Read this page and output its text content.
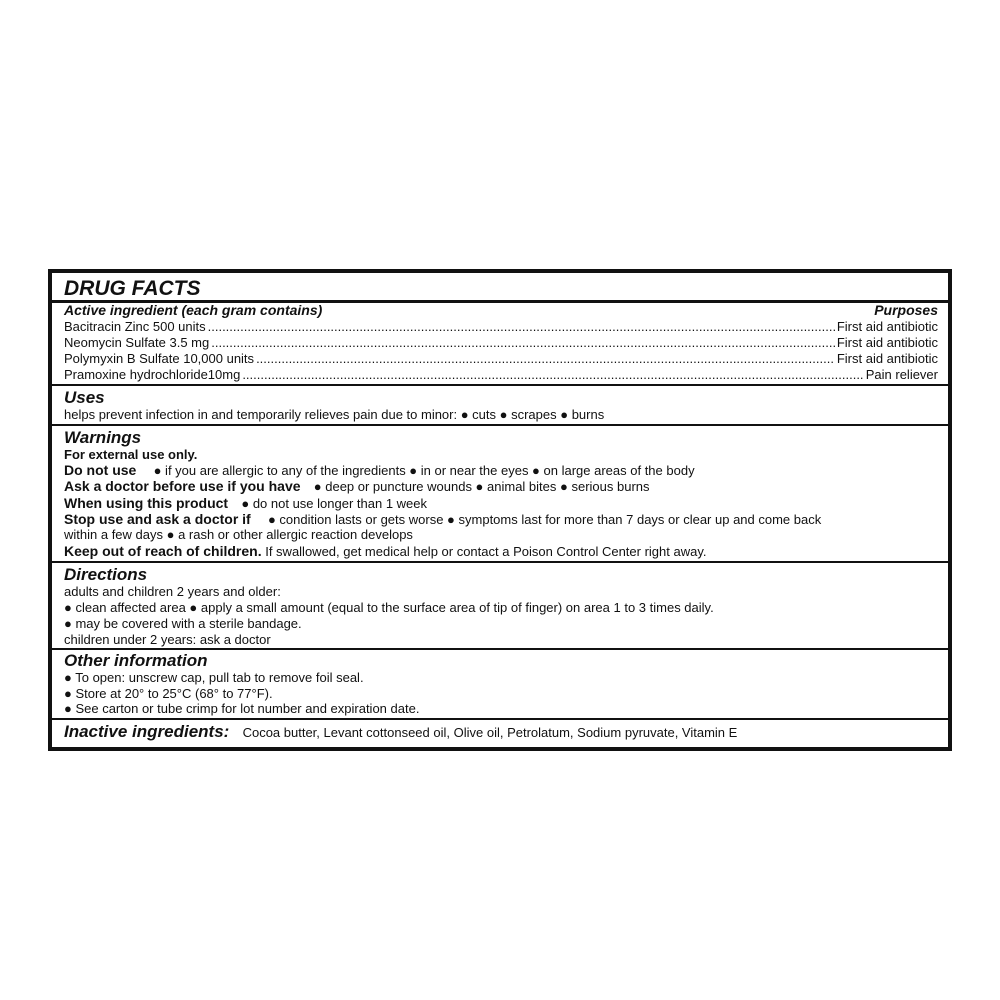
DRUG FACTS
Active ingredient (each gram contains)	Purposes
Bacitracin Zinc 500 units .....	First aid antibiotic
Neomycin Sulfate 3.5 mg .....	First aid antibiotic
Polymyxin B Sulfate 10,000 units .....	First aid antibiotic
Pramoxine hydrochloride10mg .....	Pain reliever
Uses
helps prevent infection in and temporarily relieves pain due to minor: ● cuts ● scrapes ● burns
Warnings
For external use only.
Do not use ● if you are allergic to any of the ingredients ● in or near the eyes ● on large areas of the body
Ask a doctor before use if you have ● deep or puncture wounds ● animal bites ● serious burns
When using this product ● do not use longer than 1 week
Stop use and ask a doctor if ● condition lasts or gets worse ● symptoms last for more than 7 days or clear up and come back
within a few days ● a rash or other allergic reaction develops
Keep out of reach of children. If swallowed, get medical help or contact a Poison Control Center right away.
Directions
adults and children 2 years and older:
● clean affected area ● apply a small amount (equal to the surface area of tip of finger) on area 1 to 3 times daily.
● may be covered with a sterile bandage.
children under 2 years: ask a doctor
Other information
● To open: unscrew cap, pull tab to remove foil seal.
● Store at 20° to 25°C (68° to 77°F).
● See carton or tube crimp for lot number and expiration date.
Inactive ingredients: Cocoa butter, Levant cottonseed oil, Olive oil, Petrolatum, Sodium pyruvate, Vitamin E
